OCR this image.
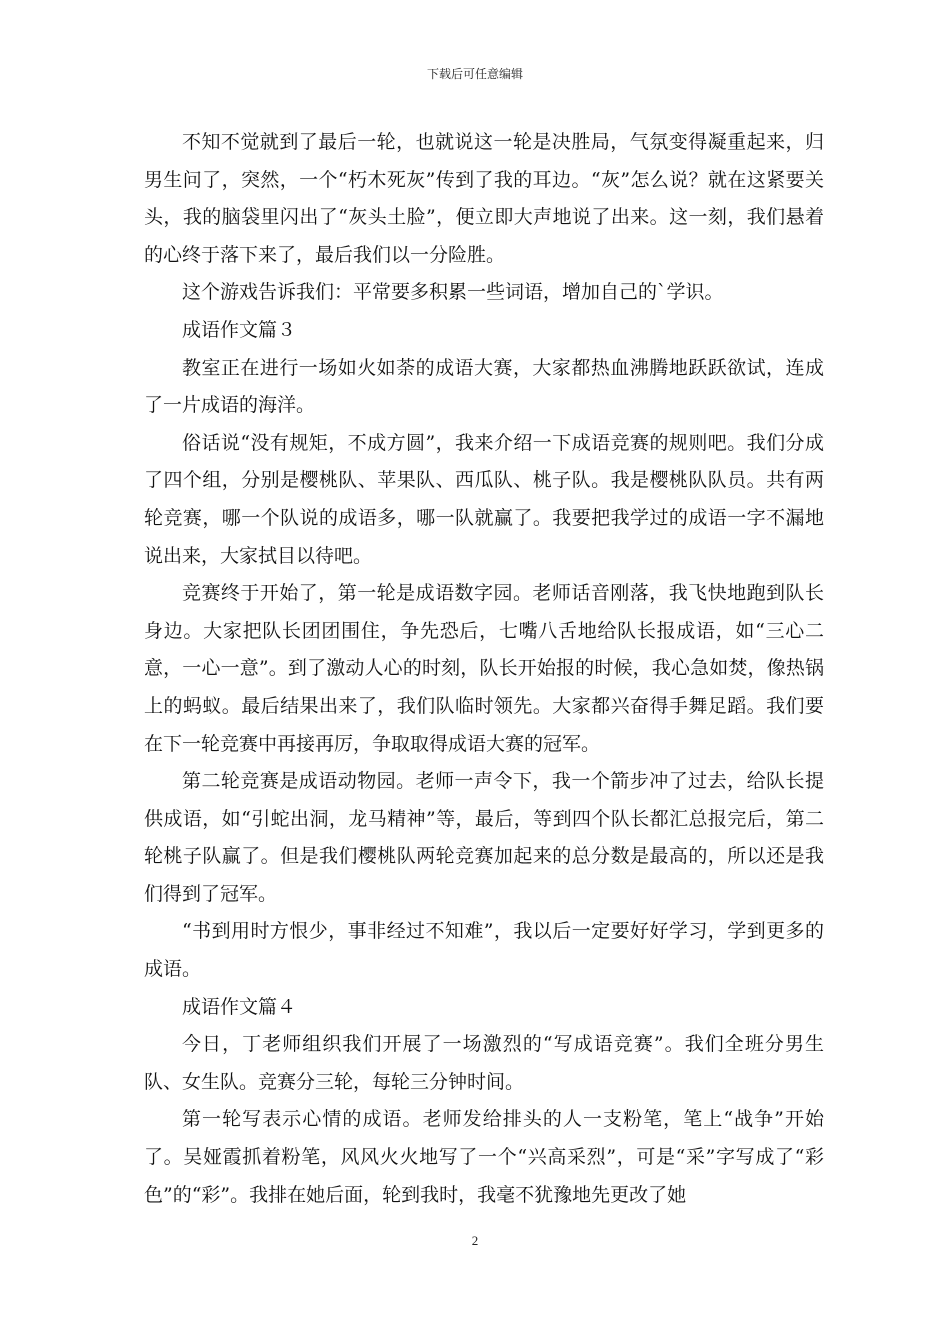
下载后可任意编辑

不知不觉就到了最后一轮，也就说这一轮是决胜局，气氛变得凝重起来，归男生问了，突然，一个“朽木死灰”传到了我的耳边。“灰”怎么说？就在这紧要关头，我的脑袋里闪出了“灰头土脸”，便立即大声地说了出来。这一刻，我们悬着的心终于落下来了，最后我们以一分险胜。

这个游戏告诉我们：平常要多积累一些词语，增加自己的`学识。

成语作文篇３

教室正在进行一场如火如荼的成语大赛，大家都热血沸腾地跃跃欲试，连成了一片成语的海洋。

俗话说“没有规矩，不成方圆”，我来介绍一下成语竞赛的规则吧。我们分成了四个组，分别是樱桃队、苹果队、西瓜队、桃子队。我是樱桃队队员。共有两轮竞赛，哪一个队说的成语多，哪一队就赢了。我要把我学过的成语一字不漏地说出来，大家拭目以待吧。

竞赛终于开始了，第一轮是成语数字园。老师话音刚落，我飞快地跑到队长身边。大家把队长团团围住，争先恐后，七嘴八舌地给队长报成语，如“三心二意，一心一意”。到了激动人心的时刻，队长开始报的时候，我心急如焚，像热锅上的蚂蚁。最后结果出来了，我们队临时领先。大家都兴奋得手舞足蹈。我们要在下一轮竞赛中再接再厉，争取取得成语大赛的冠军。

第二轮竞赛是成语动物园。老师一声令下，我一个箭步冲了过去，给队长提供成语，如“引蛇出洞，龙马精神”等，最后，等到四个队长都汇总报完后，第二轮桃子队赢了。但是我们樱桃队两轮竞赛加起来的总分数是最高的，所以还是我们得到了冠军。

“书到用时方恨少，事非经过不知难”，我以后一定要好好学习，学到更多的成语。

成语作文篇４

今日，丁老师组织我们开展了一场激烈的“写成语竞赛”。我们全班分男生队、女生队。竞赛分三轮，每轮三分钟时间。

第一轮写表示心情的成语。老师发给排头的人一支粉笔，笔上“战争”开始了。吴娅霞抓着粉笔，风风火火地写了一个“兴高采烈”，可是“采”字写成了“彩色”的“彩”。我排在她后面，轮到我时，我毫不犹豫地先更改了她

2
